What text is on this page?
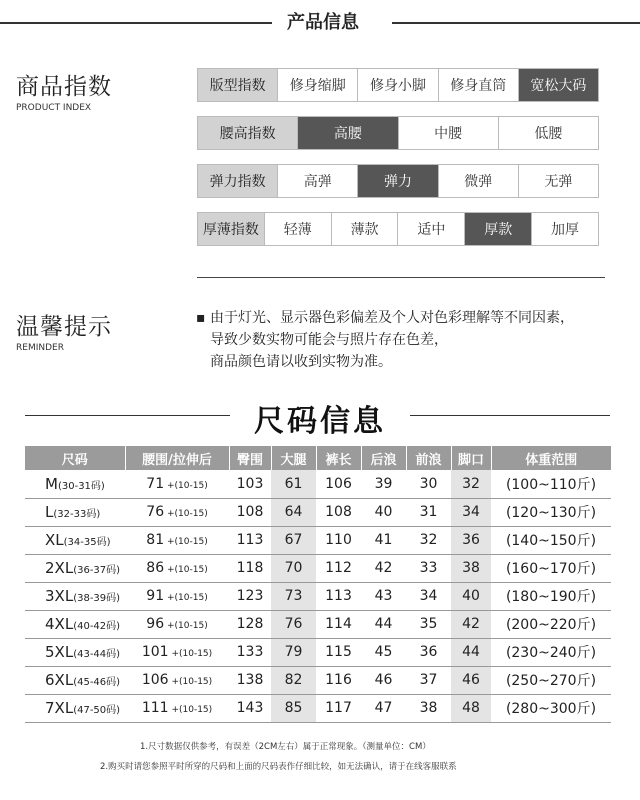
产品信息
商品指数
PRODUCT INDEX
版型指数	修身缩脚	修身小脚	修身直筒	宽松大码
腰高指数	高腰	中腰	低腰
弹力指数	高弹	弹力	微弹	无弹
厚薄指数	轻薄	薄款	适中	厚款	加厚
温馨提示
REMINDER
▪ 由于灯光、显示器色彩偏差及个人对色彩理解等不同因素，
导致少数实物可能会与照片存在色差，
商品颜色请以收到实物为准。
尺码信息
尺码	腰围/拉伸后	臀围	大腿	裤长	后浪	前浪	脚口	体重范围
M(30-31码)	71 +(10-15)	103	61	106	39	30	32	(100~110斤)
L(32-33码)	76 +(10-15)	108	64	108	40	31	34	(120~130斤)
XL(34-35码)	81 +(10-15)	113	67	110	41	32	36	(140~150斤)
2XL(36-37码)	86 +(10-15)	118	70	112	42	33	38	(160~170斤)
3XL(38-39码)	91 +(10-15)	123	73	113	43	34	40	(180~190斤)
4XL(40-42码)	96 +(10-15)	128	76	114	44	35	42	(200~220斤)
5XL(43-44码)	101 +(10-15)	133	79	115	45	36	44	(230~240斤)
6XL(45-46码)	106 +(10-15)	138	82	116	46	37	46	(250~270斤)
7XL(47-50码)	111 +(10-15)	143	85	117	47	38	48	(280~300斤)
1.尺寸数据仅供参考，有误差（2CM左右）属于正常现象。（测量单位：CM）
2.购买时请您参照平时所穿的尺码和上面的尺码表作仔细比较，如无法确认，请于在线客服联系
